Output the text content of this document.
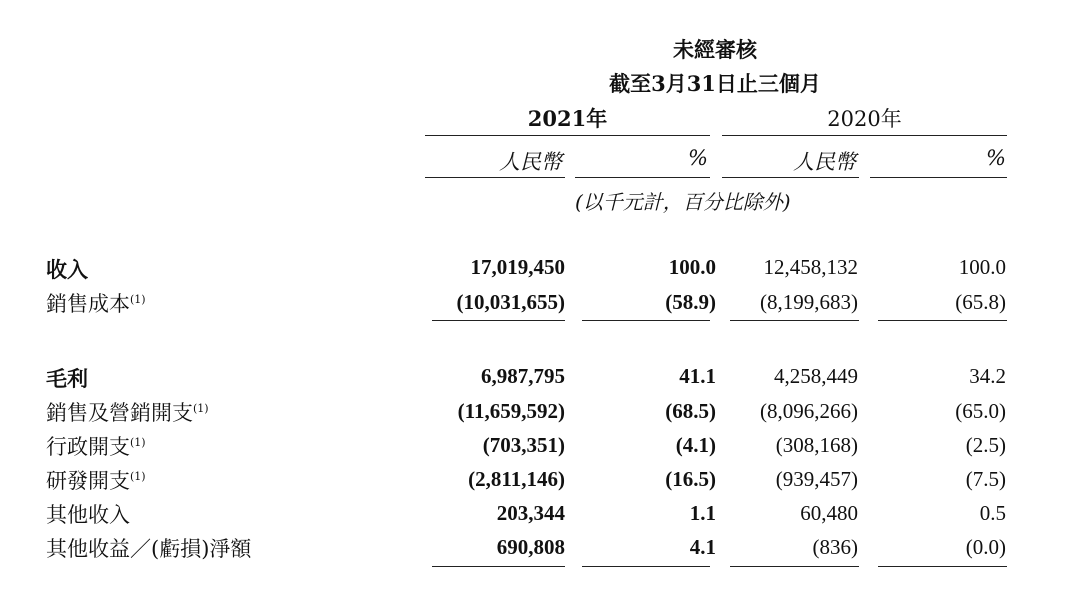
未經審核
截至3月31日止三個月
2021年	2020年
人民幣	%	人民幣	%
(以千元計，百分比除外)
收入	17,019,450	100.0 12,458,132	100.0
銷售成本$^{(1)}$	(10,031,655)	(58.9) (8,199,683)	(65.8)
毛利	6,987,795	41.1	4,258,449	34.2
銷售及營銷開支$^{(1)}$	(11,659,592)	(68.5) (8,096,266)	(65.0)
行政開支$^{(1)}$	(703,351)	(4.1)	(308,168)	(2.5)
研發開支$^{(1)}$	(2,811,146)	(16.5)	(939,457)	(7.5)
其他收入	203,344	1.1	60,480	0.5
其他收益／(虧損)淨額	690,808	4.1	(836)	(0.0)
